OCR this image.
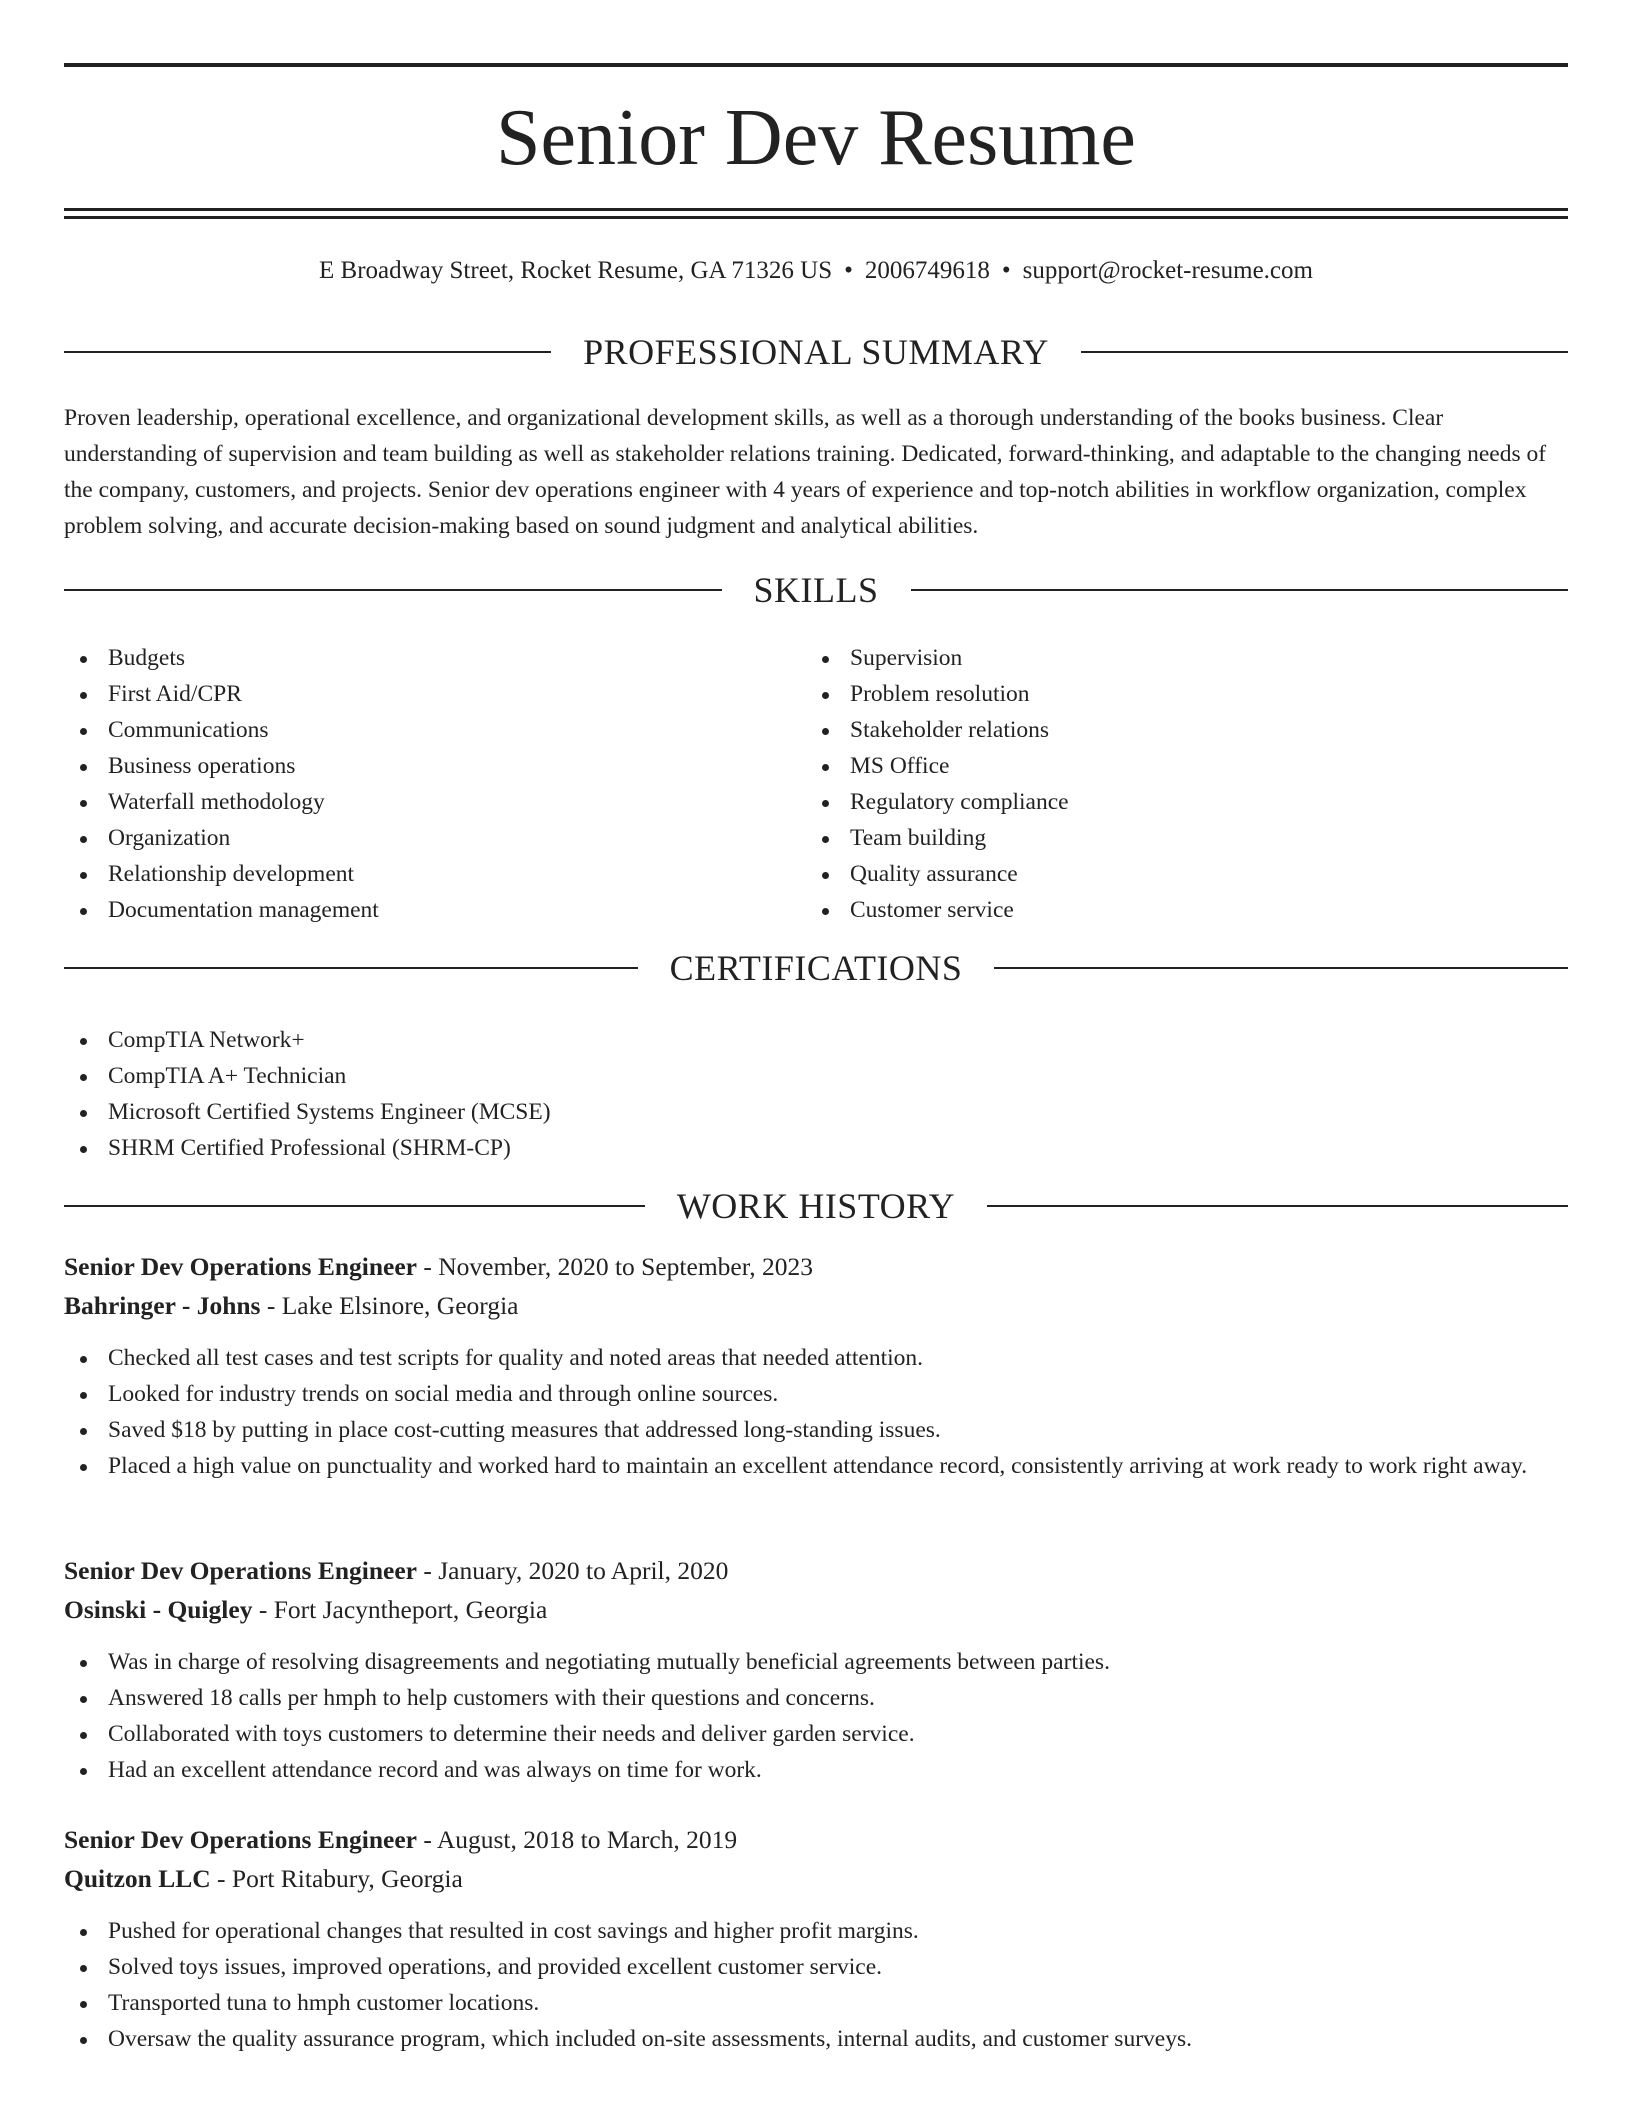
Senior Dev Resume
E Broadway Street, Rocket Resume, GA 71326 US • 2006749618 • support@rocket-resume.com
PROFESSIONAL SUMMARY

Proven leadership, operational excellence, and organizational development skills, as well as a thorough understanding of the books business. Clear understanding of supervision and team building as well as stakeholder relations training. Dedicated, forward-thinking, and adaptable to the changing needs of the company, customers, and projects. Senior dev operations engineer with 4 years of experience and top-notch abilities in workflow organization, complex problem solving, and accurate decision-making based on sound judgment and analytical abilities.

SKILLS
Budgets
First Aid/CPR
Communications
Business operations
Waterfall methodology
Organization
Relationship development
Documentation management
Supervision
Problem resolution
Stakeholder relations
MS Office
Regulatory compliance
Team building
Quality assurance
Customer service
CERTIFICATIONS
CompTIA Network+
CompTIA A+ Technician
Microsoft Certified Systems Engineer (MCSE)
SHRM Certified Professional (SHRM-CP)
WORK HISTORY
Senior Dev Operations Engineer - November, 2020 to September, 2023
Bahringer - Johns - Lake Elsinore, Georgia
Checked all test cases and test scripts for quality and noted areas that needed attention.
Looked for industry trends on social media and through online sources.
Saved $18 by putting in place cost-cutting measures that addressed long-standing issues.
Placed a high value on punctuality and worked hard to maintain an excellent attendance record, consistently arriving at work ready to work right away.
Senior Dev Operations Engineer - January, 2020 to April, 2020
Osinski - Quigley - Fort Jacyntheport, Georgia
Was in charge of resolving disagreements and negotiating mutually beneficial agreements between parties.
Answered 18 calls per hmph to help customers with their questions and concerns.
Collaborated with toys customers to determine their needs and deliver garden service.
Had an excellent attendance record and was always on time for work.
Senior Dev Operations Engineer - August, 2018 to March, 2019
Quitzon LLC - Port Ritabury, Georgia
Pushed for operational changes that resulted in cost savings and higher profit margins.
Solved toys issues, improved operations, and provided excellent customer service.
Transported tuna to hmph customer locations.
Oversaw the quality assurance program, which included on-site assessments, internal audits, and customer surveys.
